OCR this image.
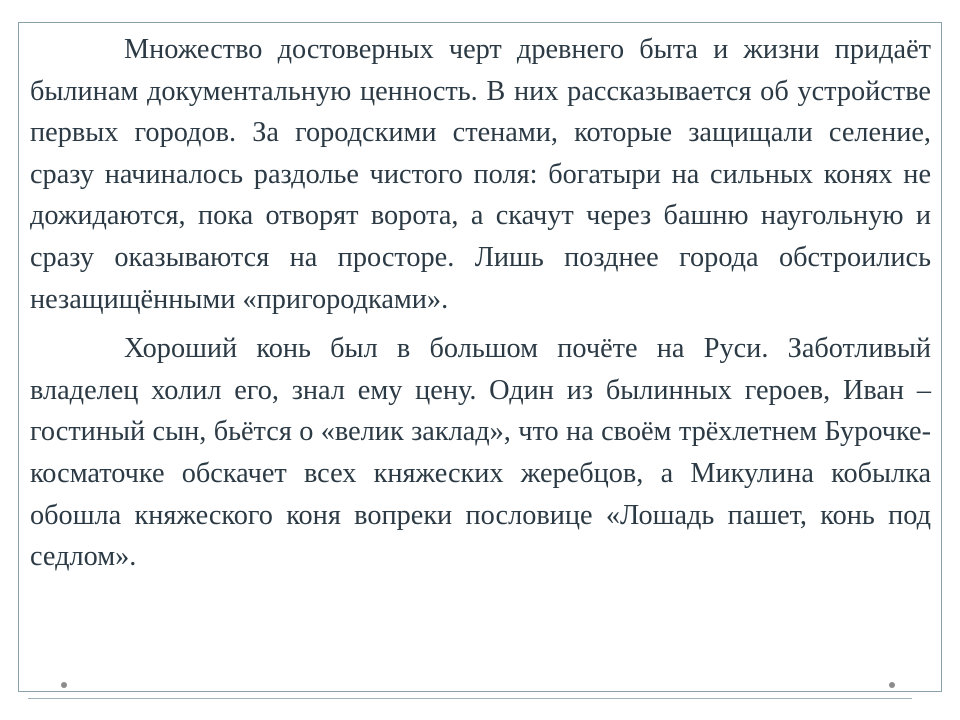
Множество достоверных черт древнего быта и жизни придаёт былинам документальную ценность. В них рассказывается об устройстве первых городов. За городскими стенами, которые защищали селение, сразу начиналось раздолье чистого поля: богатыри на сильных конях не дожидаются, пока отворят ворота, а скачут через башню наугольную и сразу оказываются на просторе. Лишь позднее города обстроились незащищёнными «пригородками».

Хороший конь был в большом почёте на Руси. Заботливый владелец холил его, знал ему цену. Один из былинных героев, Иван – гостиный сын, бьётся о «велик заклад», что на своём трёхлетнем Бурочке-косматочке обскачет всех княжеских жеребцов, а Микулина кобылка обошла княжеского коня вопреки пословице «Лошадь пашет, конь под седлом».
